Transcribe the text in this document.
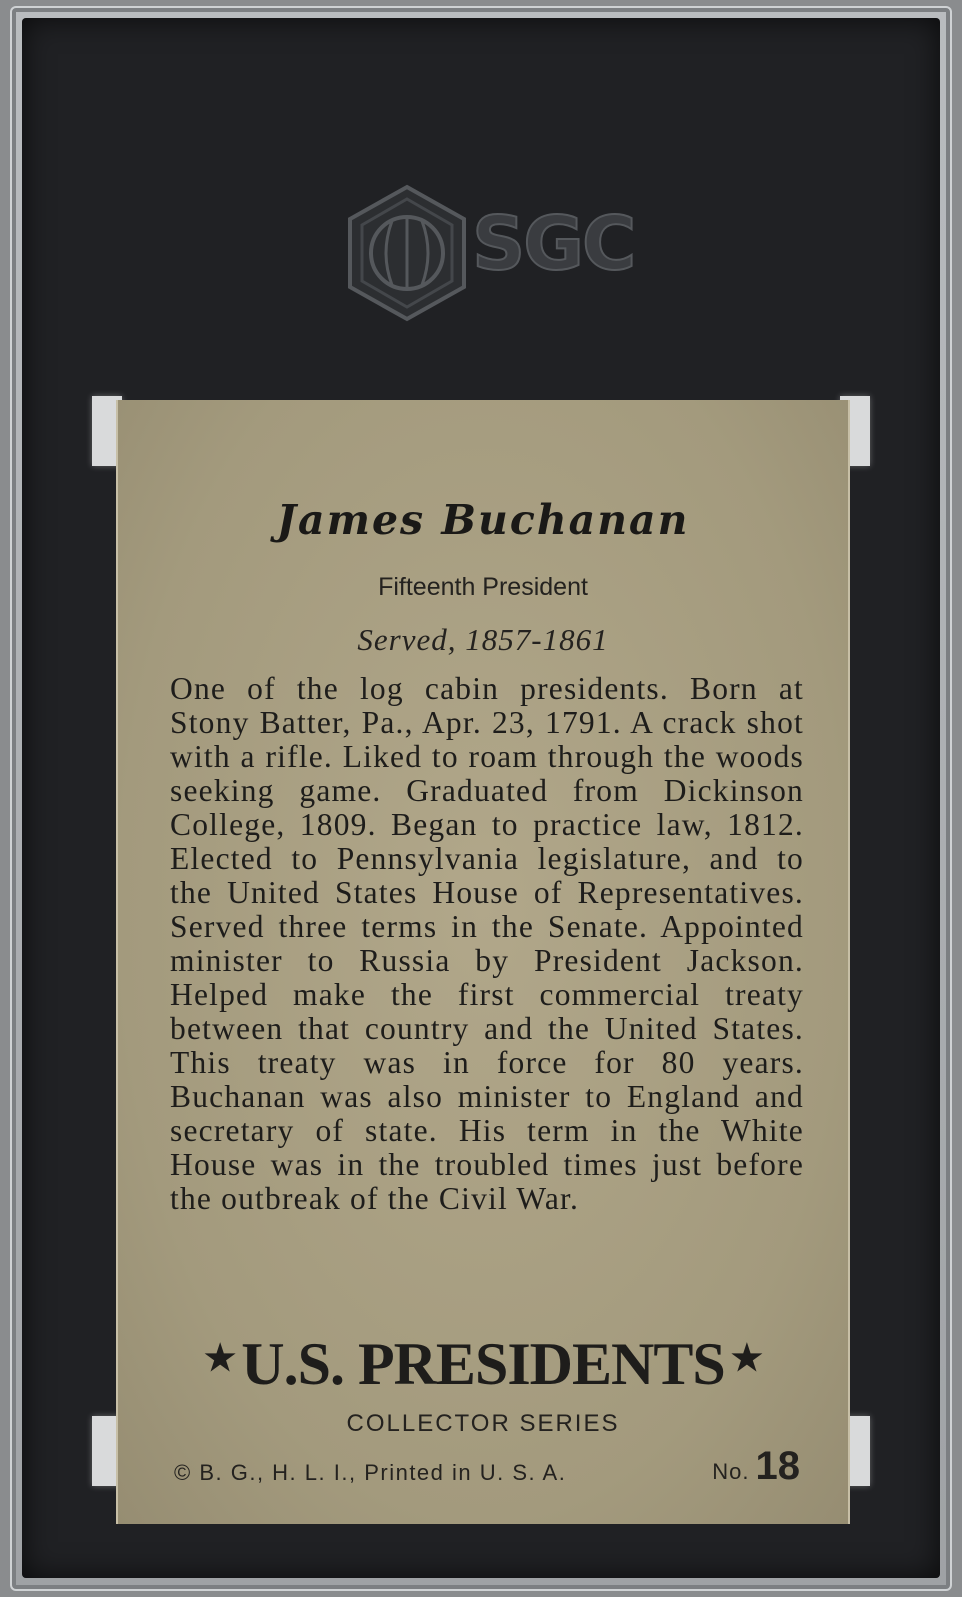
SGC
James Buchanan
Fifteenth President
Served, 1857-1861
One of the log cabin presidents. Born at Stony Batter, Pa., Apr. 23, 1791. A crack shot with a rifle. Liked to roam through the woods seeking game. Graduated from Dickinson College, 1809. Began to practice law, 1812. Elected to Pennsylvania legislature, and to the United States House of Representatives. Served three terms in the Senate. Appointed minister to Russia by President Jackson. Helped make the first commercial treaty between that country and the United States. This treaty was in force for 80 years. Buchanan was also minister to England and secretary of state. His term in the White House was in the troubled times just before the outbreak of the Civil War.
★ U.S. PRESIDENTS ★
COLLECTOR SERIES
© B. G., H. L. I., Printed in U. S. A.	No. 18
